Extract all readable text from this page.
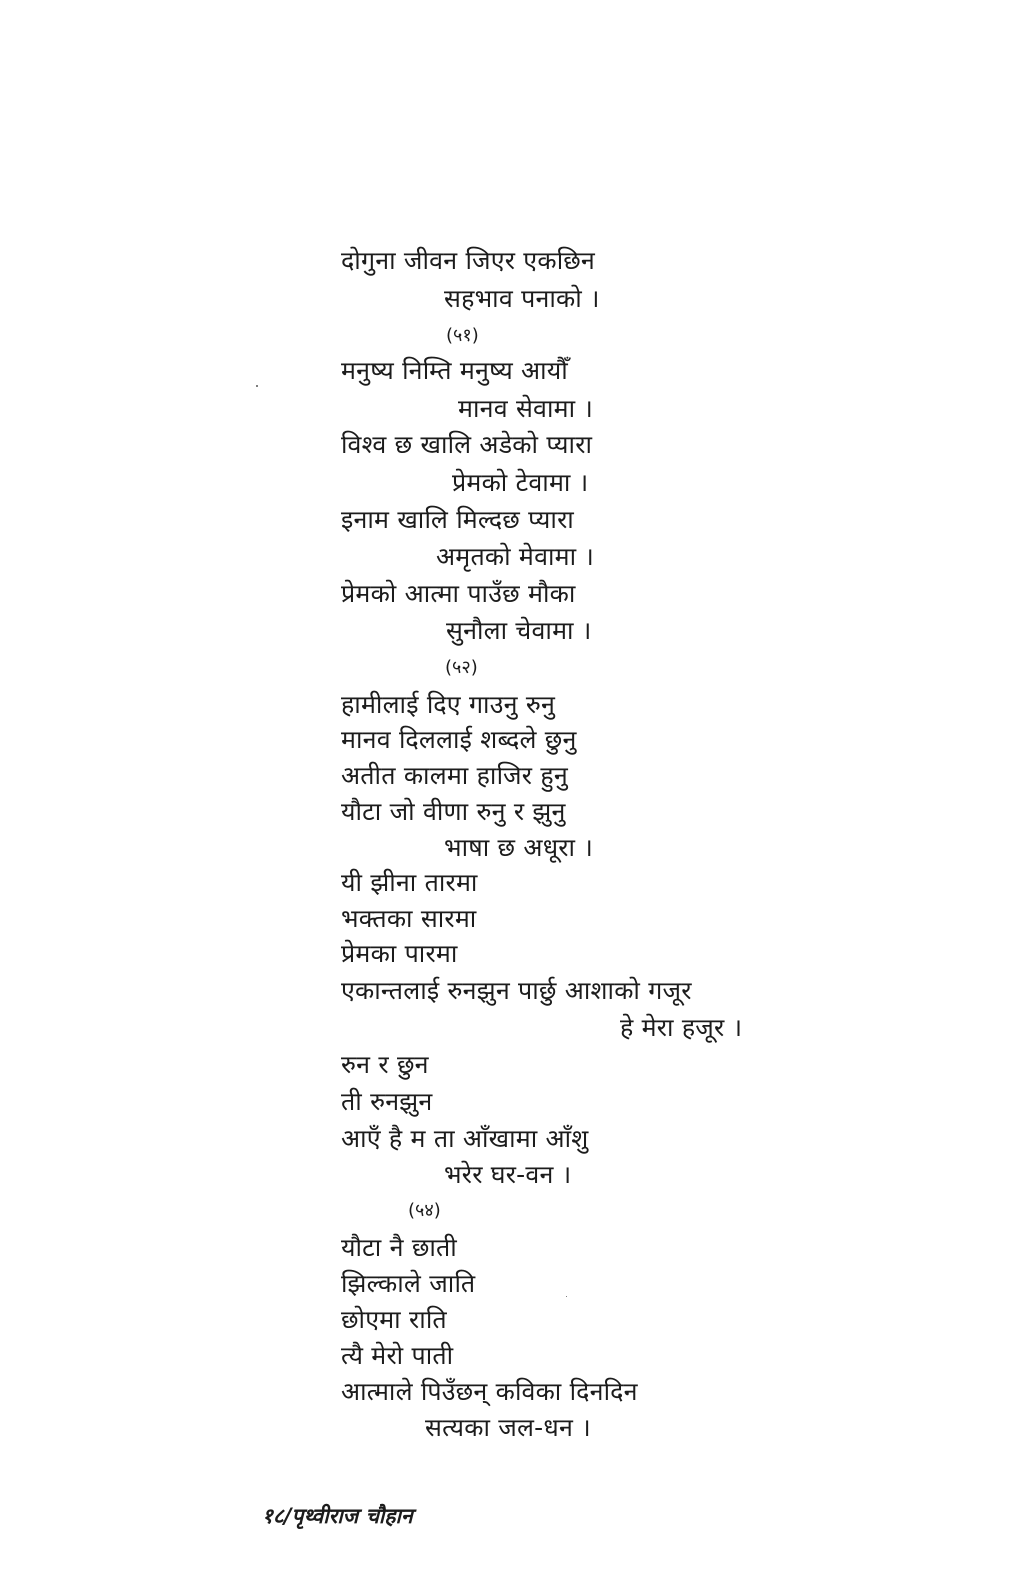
दोगुना जीवन जिएर एकछिन
सहभाव पनाको ।
(५१)
मनुष्य निम्ति मनुष्य आयौँ
मानव सेवामा ।
विश्व छ खालि अडेको प्यारा
प्रेमको टेवामा ।
इनाम खालि मिल्दछ प्यारा
अमृतको मेवामा ।
प्रेमको आत्मा पाउँछ मौका
सुनौला चेवामा ।
(५२)
हामीलाई दिए गाउनु रुनु
मानव दिललाई शब्दले छुनु
अतीत कालमा हाजिर हुनु
यौटा जो वीणा रुनु र झुनु
भाषा छ अधूरा ।
यी झीना तारमा
भक्तका सारमा
प्रेमका पारमा
एकान्तलाई रुनझुन पार्छु आशाको गजूर
हे मेरा हजूर ।
रुन र छुन
ती रुनझुन
आएँ है म ता आँखामा आँशु
भरेर घर-वन ।
(५४)
यौटा नै छाती
झिल्काले जाति
छोएमा राति
त्यै मेरो पाती
आत्माले पिउँछन् कविका दिनदिन
सत्यका जल-धन ।
१८/पृथ्वीराज चौहान
